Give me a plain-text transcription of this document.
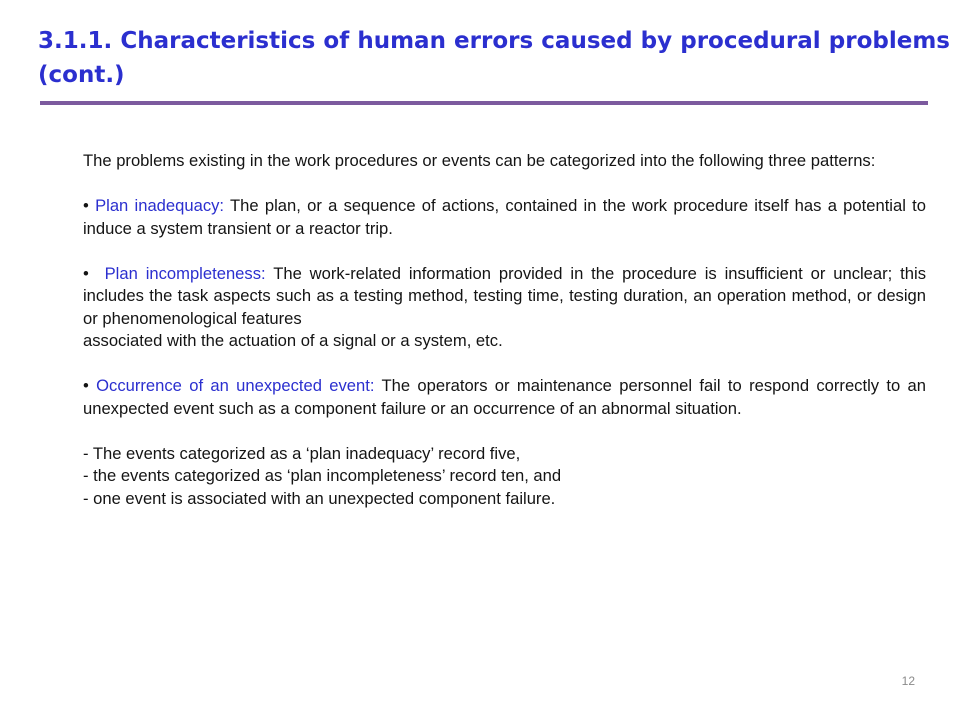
3.1.1. Characteristics of human errors caused by procedural problems (cont.)

The problems existing in the work procedures or events can be categorized into the following three patterns:

• Plan inadequacy: The plan, or a sequence of actions, contained in the work procedure itself has a potential to induce a system transient or a reactor trip.

• Plan incompleteness: The work-related information provided in the procedure is insufficient or unclear; this includes the task aspects such as a testing method, testing time, testing duration, an operation method, or design or phenomenological features

associated with the actuation of a signal or a system, etc.

• Occurrence of an unexpected event: The operators or maintenance personnel fail to respond correctly to an unexpected event such as a component failure or an occurrence of an abnormal situation.

- The events categorized as a ‘plan inadequacy’ record five,

- the events categorized as ‘plan incompleteness’ record ten, and

- one event is associated with an unexpected component failure.

12
